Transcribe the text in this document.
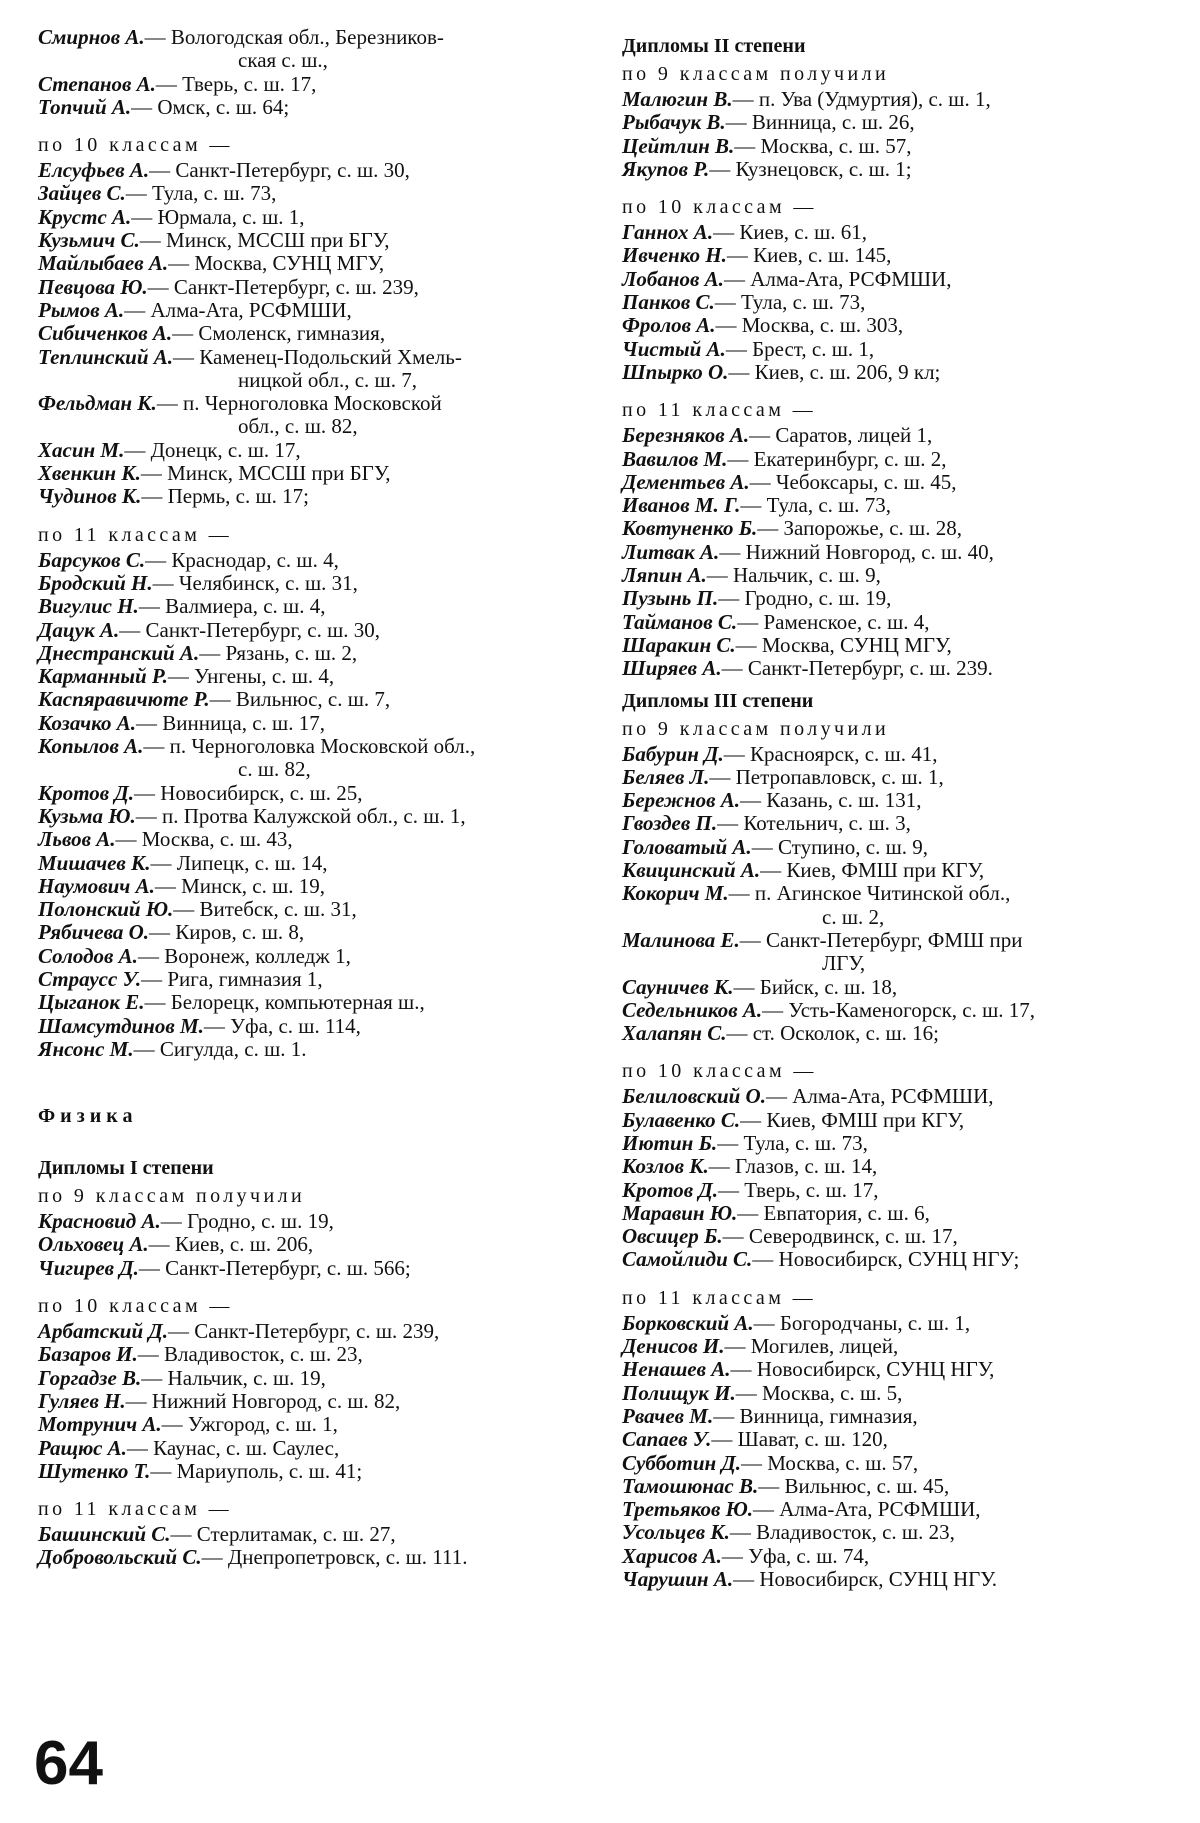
Смирнов А.— Вологодская обл., Березников-
ская с. ш.,
Степанов А.— Тверь, с. ш. 17,
Топчий А.— Омск, с. ш. 64;
по 10 классам —
Елсуфьев А.— Санкт-Петербург, с. ш. 30,
Зайцев С.— Тула, с. ш. 73,
Крустс А.— Юрмала, с. ш. 1,
Кузьмич С.— Минск, МССШ при БГУ,
Майлыбаев А.— Москва, СУНЦ МГУ,
Певцова Ю.— Санкт-Петербург, с. ш. 239,
Рымов А.— Алма-Ата, РСФМШИ,
Сибиченков А.— Смоленск, гимназия,
Теплинский А.— Каменец-Подольский Хмель-
ницкой обл., с. ш. 7,
Фельдман К.— п. Черноголовка Московской
обл., с. ш. 82,
Хасин М.— Донецк, с. ш. 17,
Хвенкин К.— Минск, МССШ при БГУ,
Чудинов К.— Пермь, с. ш. 17;
по 11 классам —
Барсуков С.— Краснодар, с. ш. 4,
Бродский Н.— Челябинск, с. ш. 31,
Вигулис Н.— Валмиера, с. ш. 4,
Дацук А.— Санкт-Петербург, с. ш. 30,
Днестранский А.— Рязань, с. ш. 2,
Карманный Р.— Унгены, с. ш. 4,
Каспяравичюте Р.— Вильнюс, с. ш. 7,
Козачко А.— Винница, с. ш. 17,
Копылов А.— п. Черноголовка Московской обл.,
с. ш. 82,
Кротов Д.— Новосибирск, с. ш. 25,
Кузьма Ю.— п. Протва Калужской обл., с. ш. 1,
Львов А.— Москва, с. ш. 43,
Мишачев К.— Липецк, с. ш. 14,
Наумович А.— Минск, с. ш. 19,
Полонский Ю.— Витебск, с. ш. 31,
Рябичева О.— Киров, с. ш. 8,
Солодов А.— Воронеж, колледж 1,
Страусс У.— Рига, гимназия 1,
Цыганок Е.— Белорецк, компьютерная ш.,
Шамсутдинов М.— Уфа, с. ш. 114,
Янсонс М.— Сигулда, с. ш. 1.
Физика
Дипломы I степени
по 9 классам получили
Красновид А.— Гродно, с. ш. 19,
Ольховец А.— Киев, с. ш. 206,
Чигирев Д.— Санкт-Петербург, с. ш. 566;
по 10 классам —
Арбатский Д.— Санкт-Петербург, с. ш. 239,
Базаров И.— Владивосток, с. ш. 23,
Горгадзе В.— Нальчик, с. ш. 19,
Гуляев Н.— Нижний Новгород, с. ш. 82,
Мотрунич А.— Ужгород, с. ш. 1,
Ращюс А.— Каунас, с. ш. Саулес,
Шутенко Т.— Мариуполь, с. ш. 41;
по 11 классам —
Башинский С.— Стерлитамак, с. ш. 27,
Добровольский С.— Днепропетровск, с. ш. 111.
Дипломы II степени
по 9 классам получили
Малюгин В.— п. Ува (Удмуртия), с. ш. 1,
Рыбачук В.— Винница, с. ш. 26,
Цейтлин В.— Москва, с. ш. 57,
Якупов Р.— Кузнецовск, с. ш. 1;
по 10 классам —
Ганнох А.— Киев, с. ш. 61,
Ивченко Н.— Киев, с. ш. 145,
Лобанов А.— Алма-Ата, РСФМШИ,
Панков С.— Тула, с. ш. 73,
Фролов А.— Москва, с. ш. 303,
Чистый А.— Брест, с. ш. 1,
Шпырко О.— Киев, с. ш. 206, 9 кл;
по 11 классам —
Березняков А.— Саратов, лицей 1,
Вавилов М.— Екатеринбург, с. ш. 2,
Дементьев А.— Чебоксары, с. ш. 45,
Иванов М. Г.— Тула, с. ш. 73,
Ковтуненко Б.— Запорожье, с. ш. 28,
Литвак А.— Нижний Новгород, с. ш. 40,
Ляпин А.— Нальчик, с. ш. 9,
Пузынь П.— Гродно, с. ш. 19,
Тайманов С.— Раменское, с. ш. 4,
Шаракин С.— Москва, СУНЦ МГУ,
Ширяев А.— Санкт-Петербург, с. ш. 239.
Дипломы III степени
по 9 классам получили
Бабурин Д.— Красноярск, с. ш. 41,
Беляев Л.— Петропавловск, с. ш. 1,
Бережнов А.— Казань, с. ш. 131,
Гвоздев П.— Котельнич, с. ш. 3,
Головатый А.— Ступино, с. ш. 9,
Квицинский А.— Киев, ФМШ при КГУ,
Кокорич М.— п. Агинское Читинской обл.,
с. ш. 2,
Малинова Е.— Санкт-Петербург, ФМШ при
ЛГУ,
Сауничев К.— Бийск, с. ш. 18,
Седельников А.— Усть-Каменогорск, с. ш. 17,
Халапян С.— ст. Осколок, с. ш. 16;
по 10 классам —
Белиловский О.— Алма-Ата, РСФМШИ,
Булавенко С.— Киев, ФМШ при КГУ,
Иютин Б.— Тула, с. ш. 73,
Козлов К.— Глазов, с. ш. 14,
Кротов Д.— Тверь, с. ш. 17,
Маравин Ю.— Евпатория, с. ш. 6,
Овсицер Б.— Северодвинск, с. ш. 17,
Самойлиди С.— Новосибирск, СУНЦ НГУ;
по 11 классам —
Борковский А.— Богородчаны, с. ш. 1,
Денисов И.— Могилев, лицей,
Ненашев А.— Новосибирск, СУНЦ НГУ,
Полищук И.— Москва, с. ш. 5,
Рвачев М.— Винница, гимназия,
Сапаев У.— Шават, с. ш. 120,
Субботин Д.— Москва, с. ш. 57,
Тамошюнас В.— Вильнюс, с. ш. 45,
Третьяков Ю.— Алма-Ата, РСФМШИ,
Усольцев К.— Владивосток, с. ш. 23,
Харисов А.— Уфа, с. ш. 74,
Чарушин А.— Новосибирск, СУНЦ НГУ.
64
